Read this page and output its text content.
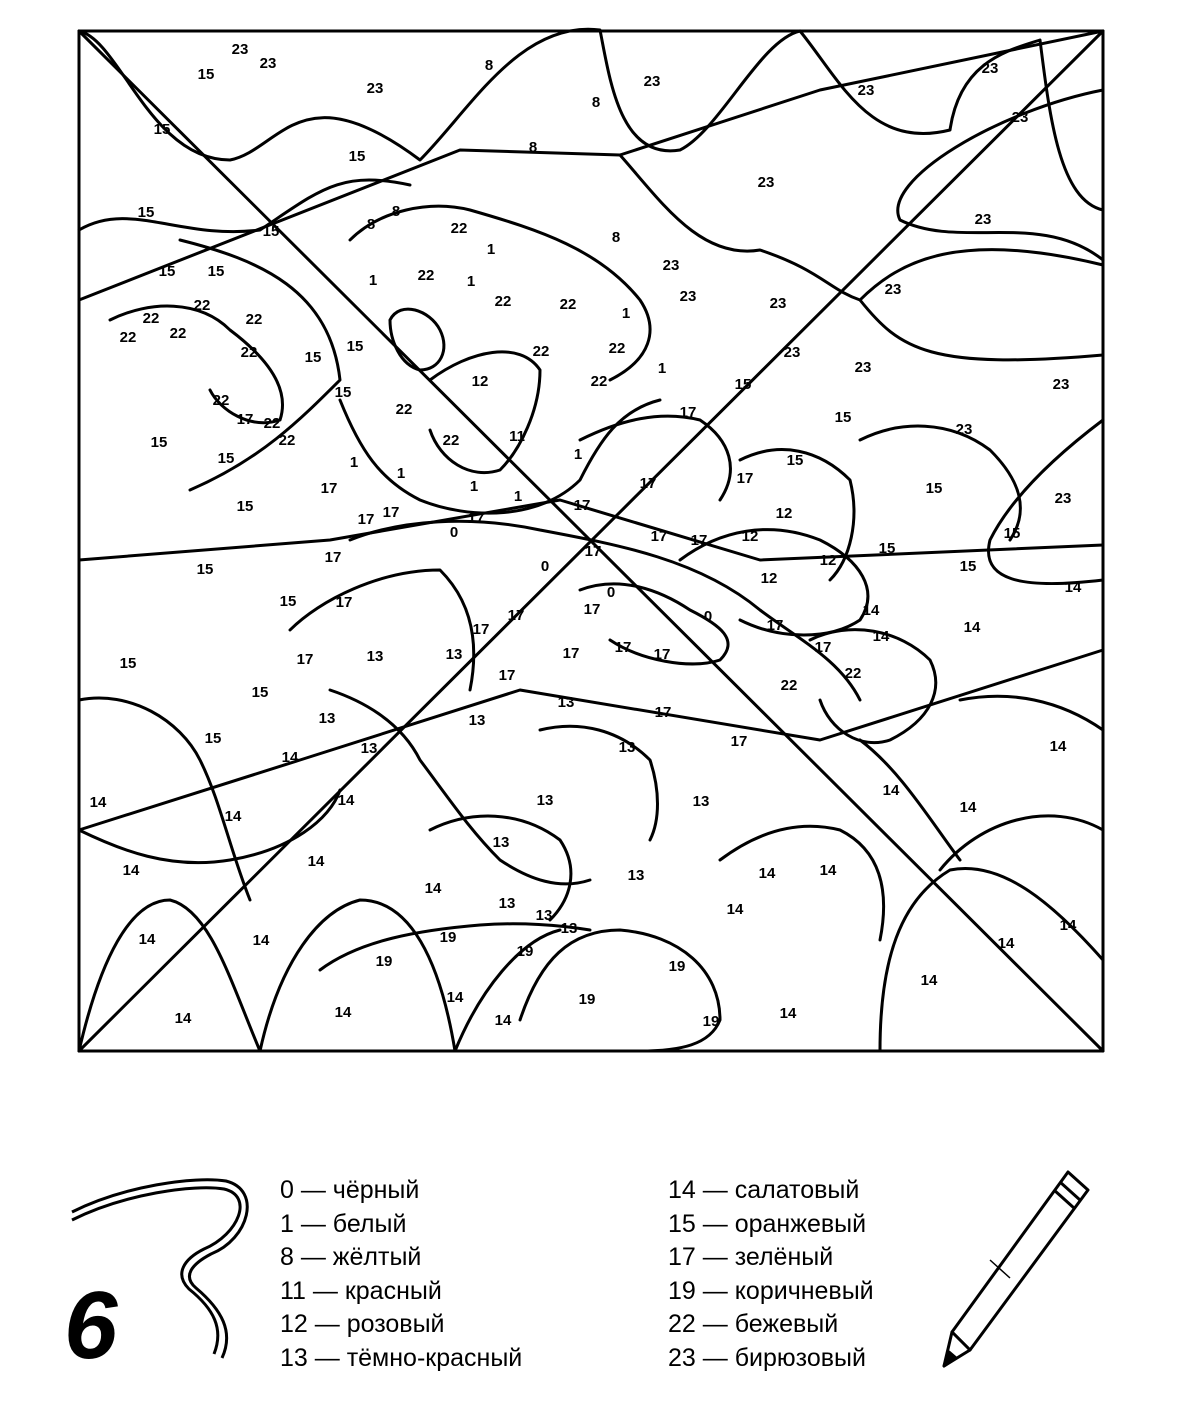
23
23
15
8
23
23
23
23
15
23
8
15
8
23
23
15
15	8
8
22
1
8
23
23	23
23
15 15
1	22 1
22	22
1
22
22
22
22
22
15
15
22	22	22	23
23
23
12	22
1
15
15
22
22
22	11
17	15
23
15
22
17
22
15	1
1
1	15
17	1	17	17
15
23
15
1
17	12
17 17	17
0	12
15
15
17 17
17
17
0	12	15
15
12
14
0
17
15
17	17	0
17
14
14
14
17
17 17	17
17	13	13	17
22
15
17
22
15
13
17
13	13
15	17
13	13	14
14
14	14	13	13
14
14
14
13
14
14	13	14	14
14
13
13
13
14
14
14	14	19	14
19
19	19
14
14	19
14	14	14	19	14
6
0 — чёрный
1 — белый
8 — жёлтый
11 — красный
12 — розовый
13 — тёмно-красный
14 — салатовый
15 — оранжевый
17 — зелёный
19 — коричневый
22 — бежевый
23 — бирюзовый
